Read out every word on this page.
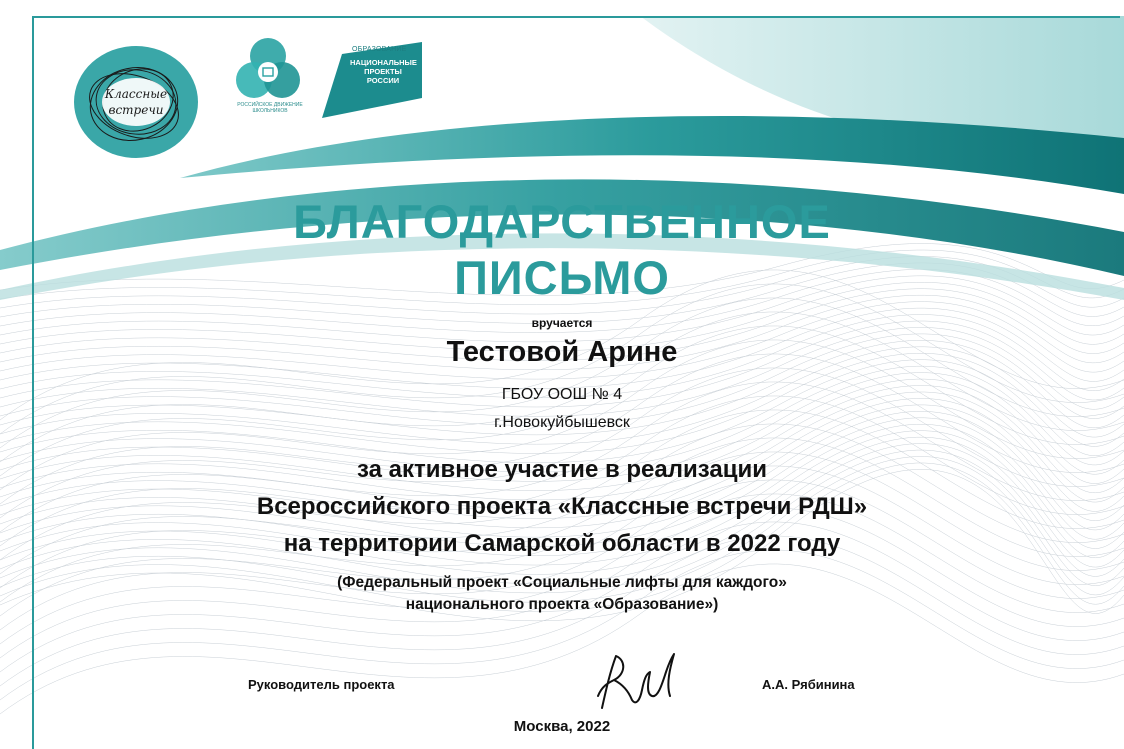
Классные
встречи	РОССИЙСКОЕ ДВИЖЕНИЕ ШКОЛЬНИКОВ
ОБРАЗОВАНИЕ
НАЦИОНАЛЬНЫЕ ПРОЕКТЫ РОССИИ
БЛАГОДАРСТВЕННОЕ
ПИСЬМО
вручается
Тестовой Арине
ГБОУ ООШ № 4
г.Новокуйбышевск
за активное участие в реализации
Всероссийского проекта «Классные встречи РДШ»
на территории Самарской области в 2022 году
(Федеральный проект «Социальные лифты для каждого»
национального проекта «Образование»)
Руководитель проекта	А.А. Рябинина
Москва, 2022
